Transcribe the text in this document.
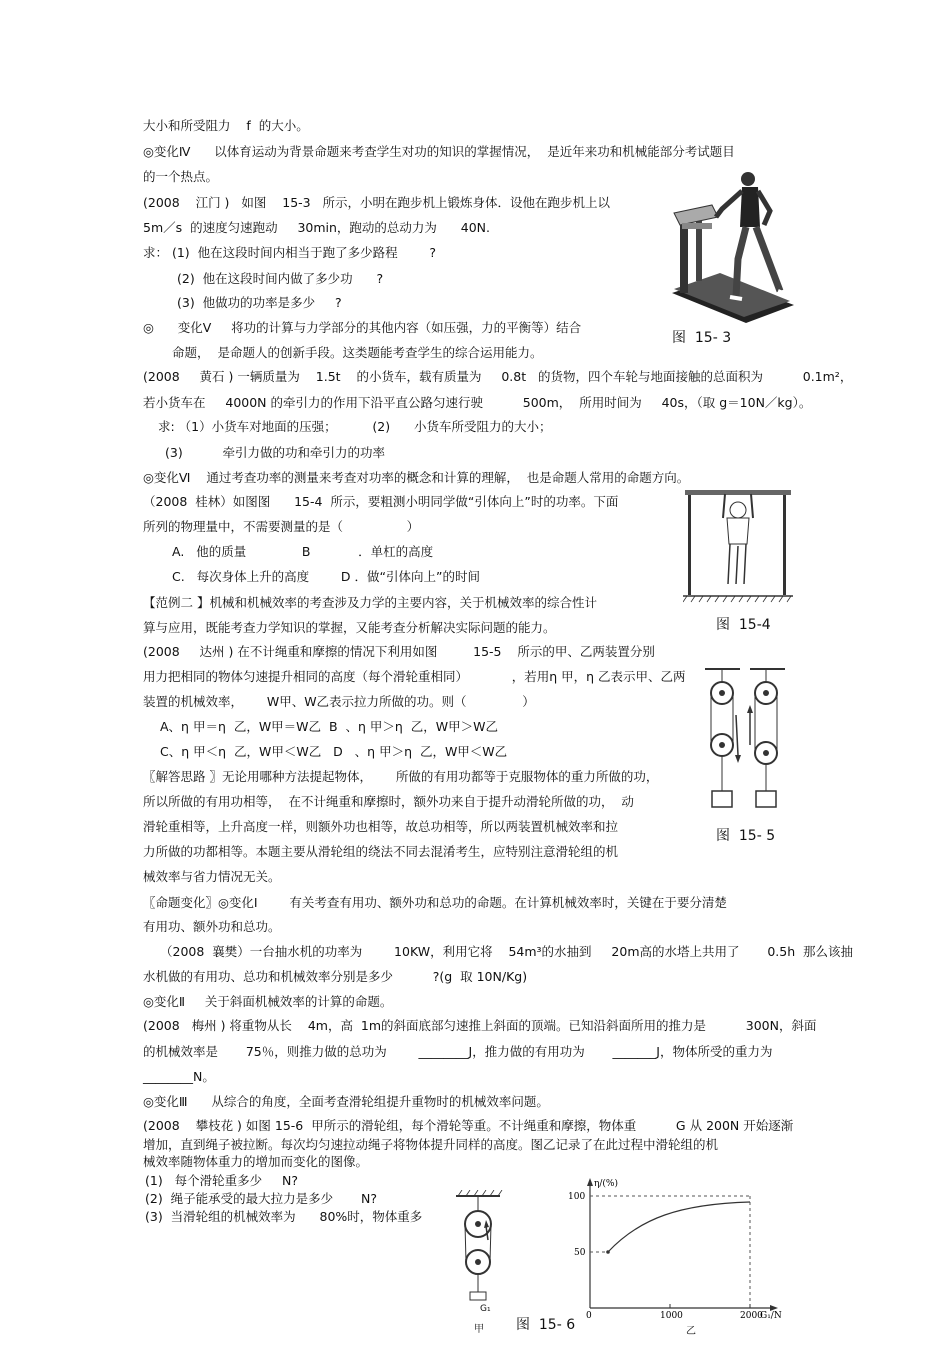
大小和所受阻力    f  的大小。
◎变化Ⅳ      以体育运动为背景命题来考查学生对功的知识的掌握情况，  是近年来功和机械能部分考试题目
的一个热点。
(2008    江门 )   如图    15-3   所示，小明在跑步机上锻炼身体．设他在跑步机上以
5m／s  的速度匀速跑动     30min，跑动的总动力为      40N.
求： (1)  他在这段时间内相当于跑了多少路程        ?
(2)  他在这段时间内做了多少功      ?
(3)  他做功的功率是多少     ?
◎      变化Ⅴ     将功的计算与力学部分的其他内容（如压强，力的平衡等）结合
命题，  是命题人的创新手段。这类题能考查学生的综合运用能力。
(2008     黄石 ) 一辆质量为    1.5t    的小货车，载有质量为     0.8t   的货物，四个车轮与地面接触的总面积为          0.1m²，
若小货车在     4000N 的牵引力的作用下沿平直公路匀速行驶          500m，  所用时间为     40s，（取 g＝10N／kg）。
求: （1）小货车对地面的压强；         (2)      小货车所受阻力的大小；
(3)          牵引力做的功和牵引力的功率
◎变化Ⅵ    通过考查功率的测量来考查对功率的概念和计算的理解，  也是命题人常用的命题方向。
（2008  桂林）如图图      15-4  所示，要粗测小明同学做“引体向上”时的功率。下面
所列的物理量中，不需要测量的是（                ）
A.   他的质量              B            ．单杠的高度
C.   每次身体上升的高度        D ．做“引体向上”的时间
【范例二 】机械和机械效率的考查涉及力学的主要内容，关于机械效率的综合性计
算与应用，既能考查力学知识的掌握，又能考查分析解决实际问题的能力。
(2008     达州 ) 在不计绳重和摩擦的情况下利用如图         15-5    所示的甲、乙两装置分别
用力把相同的物体匀速提升相同的高度（每个滑轮重相同）           ，若用η 甲，η 乙表示甲、乙两
装置的机械效率，      W甲、W乙表示拉力所做的功。则（              ）
A、η 甲＝η  乙，W甲＝W乙  B  、η 甲＞η  乙，W甲＞W乙
C、η 甲＜η  乙，W甲＜W乙   D   、η 甲＞η  乙，W甲＜W乙
〖解答思路 〗无论用哪种方法提起物体，      所做的有用功都等于克服物体的重力所做的功，
所以所做的有用功相等，  在不计绳重和摩擦时，额外功来自于提升动滑轮所做的功，  动
滑轮重相等，上升高度一样，则额外功也相等，故总功相等，所以两装置机械效率和拉
力所做的功都相等。本题主要从滑轮组的绕法不同去混淆考生，应特别注意滑轮组的机
械效率与省力情况无关。
〖命题变化〗◎变化Ⅰ        有关考查有用功、额外功和总功的命题。在计算机械效率时，关键在于要分清楚
有用功、额外功和总功。
（2008  襄樊）一台抽水机的功率为        10KW，利用它将    54m³的水抽到     20m高的水塔上共用了       0.5h  那么该抽
水机做的有用功、总功和机械效率分别是多少          ?(g  取 10N/Kg)
◎变化Ⅱ     关于斜面机械效率的计算的命题。
(2008   梅州 ) 将重物从长    4m，高  1m的斜面底部匀速推上斜面的顶端。已知沿斜面所用的推力是          300N，斜面
的机械效率是       75％，则推力做的总功为        ________J，推力做的有用功为       _______J，物体所受的重力为
________N。
◎变化Ⅲ      从综合的角度，全面考查滑轮组提升重物时的机械效率问题。
(2008    攀枝花 ) 如图 15-6  甲所示的滑轮组，每个滑轮等重。不计绳重和摩擦，物体重          G 从 200N 开始逐渐
增加，直到绳子被拉断。每次均匀速拉动绳子将物体提升同样的高度。图乙记录了在此过程中滑轮组的机
械效率随物体重力的增加而变化的图像。
(1)   每个滑轮重多少     N?
(2)  绳子能承受的最大拉力是多少       N?
(3)  当滑轮组的机械效率为      80%时，物体重多
图  15- 3
图  15-4
图  15- 5
G₁
甲 图  15- 6
η/(%)
100
50
0	1000	2000
G₁/N
乙
